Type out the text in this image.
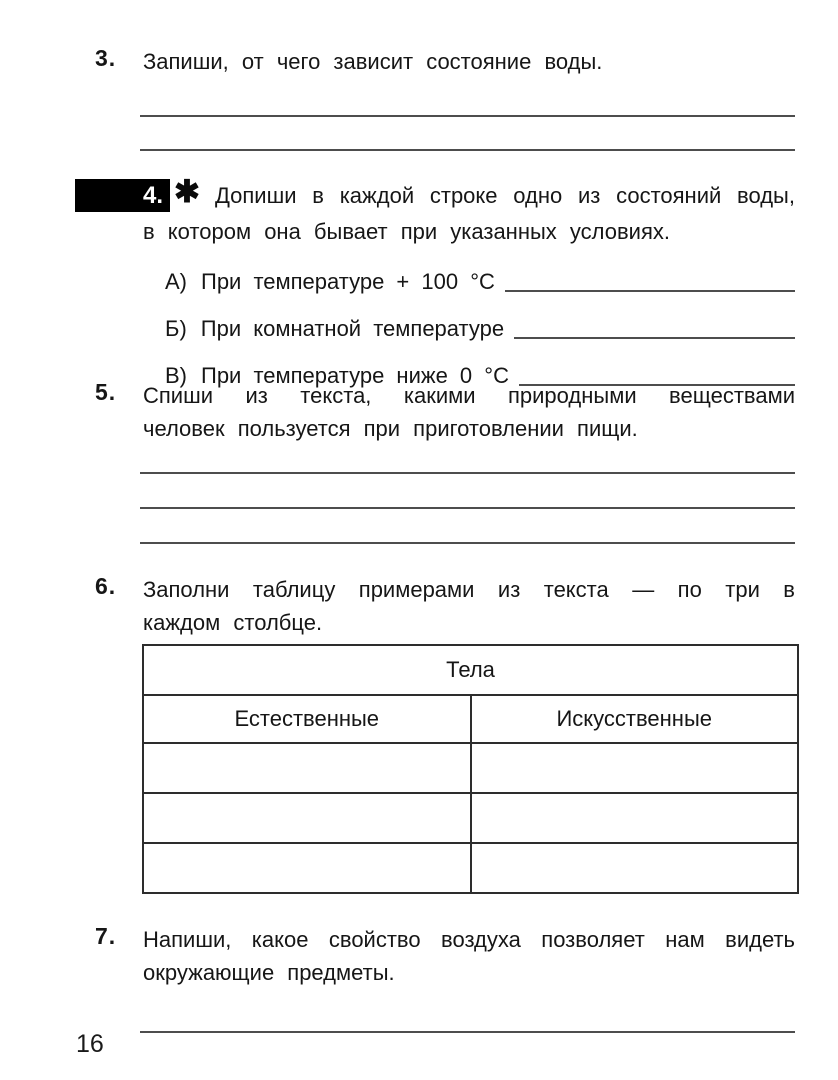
3. Запиши, от чего зависит состояние воды.
4. ✱ Допиши в каждой строке одно из состояний воды,
в котором она бывает при указанных условиях.
А) При температуре + 100 °С
Б) При комнатной температуре
В) При температуре ниже 0 °С
5. Спиши из текста, какими природными веществами
человек пользуется при приготовлении пищи.
6. Заполни таблицу примерами из текста — по три в
каждом столбце.
Тела	
Естественные	Искусственные

7. Напиши, какое свойство воздуха позволяет нам видеть
окружающие предметы.
16
